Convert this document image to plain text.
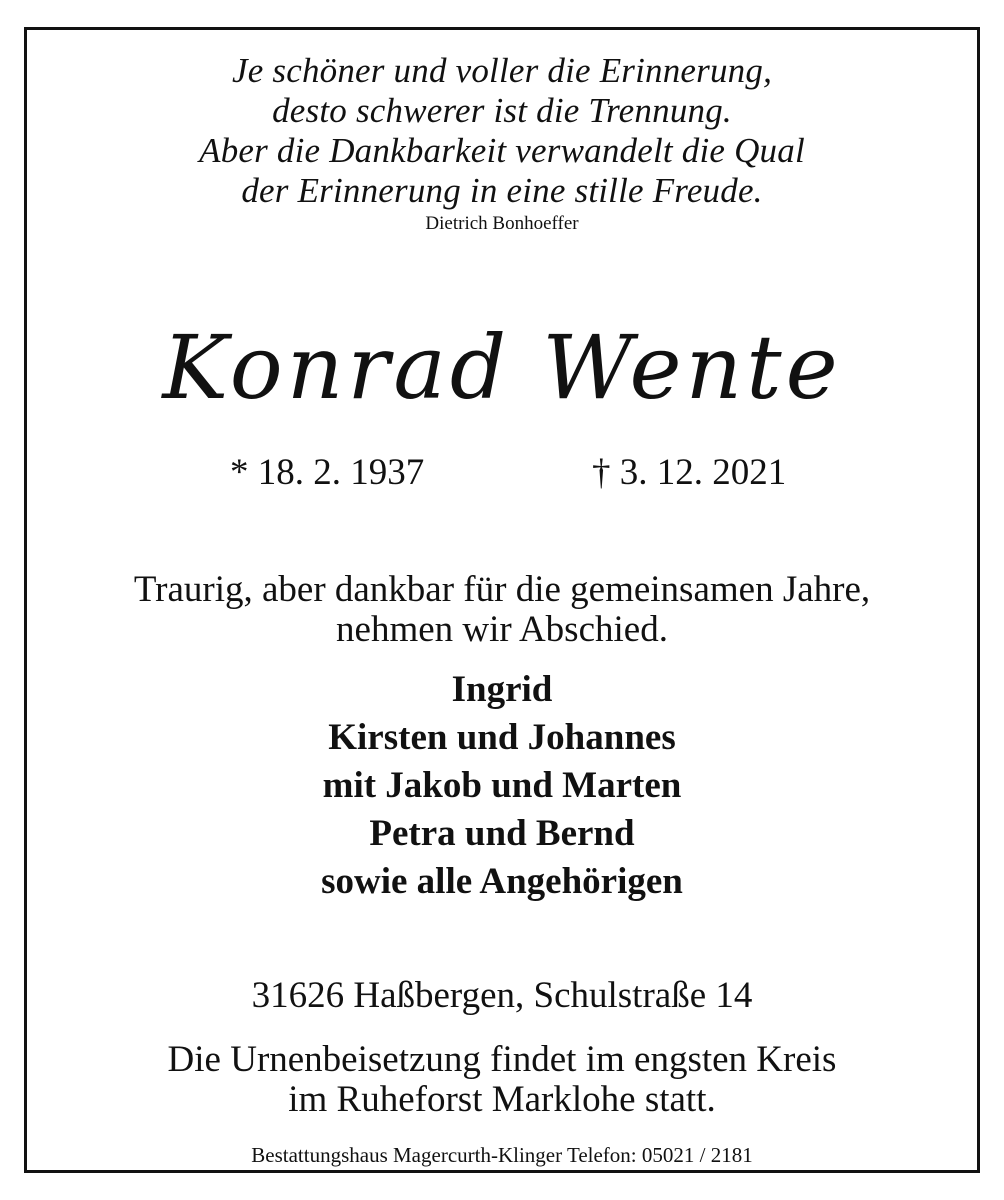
Bestattungshaus Magercurth-Klinger Telefon: 05021 / 2181
Je schöner und voller die Erinnerung,
desto schwerer ist die Trennung.
Aber die Dankbarkeit verwandelt die Qual
der Erinnerung in eine stille Freude.
Dietrich Bonhoeffer
Konrad Wente
* 18. 2. 1937	† 3. 12. 2021
Traurig, aber dankbar für die gemeinsamen Jahre,
nehmen wir Abschied.
Ingrid
Kirsten und Johannes
mit Jakob und Marten
Petra und Bernd
sowie alle Angehörigen
31626 Haßbergen, Schulstraße 14
Die Urnenbeisetzung findet im engsten Kreis
im Ruheforst Marklohe statt.
